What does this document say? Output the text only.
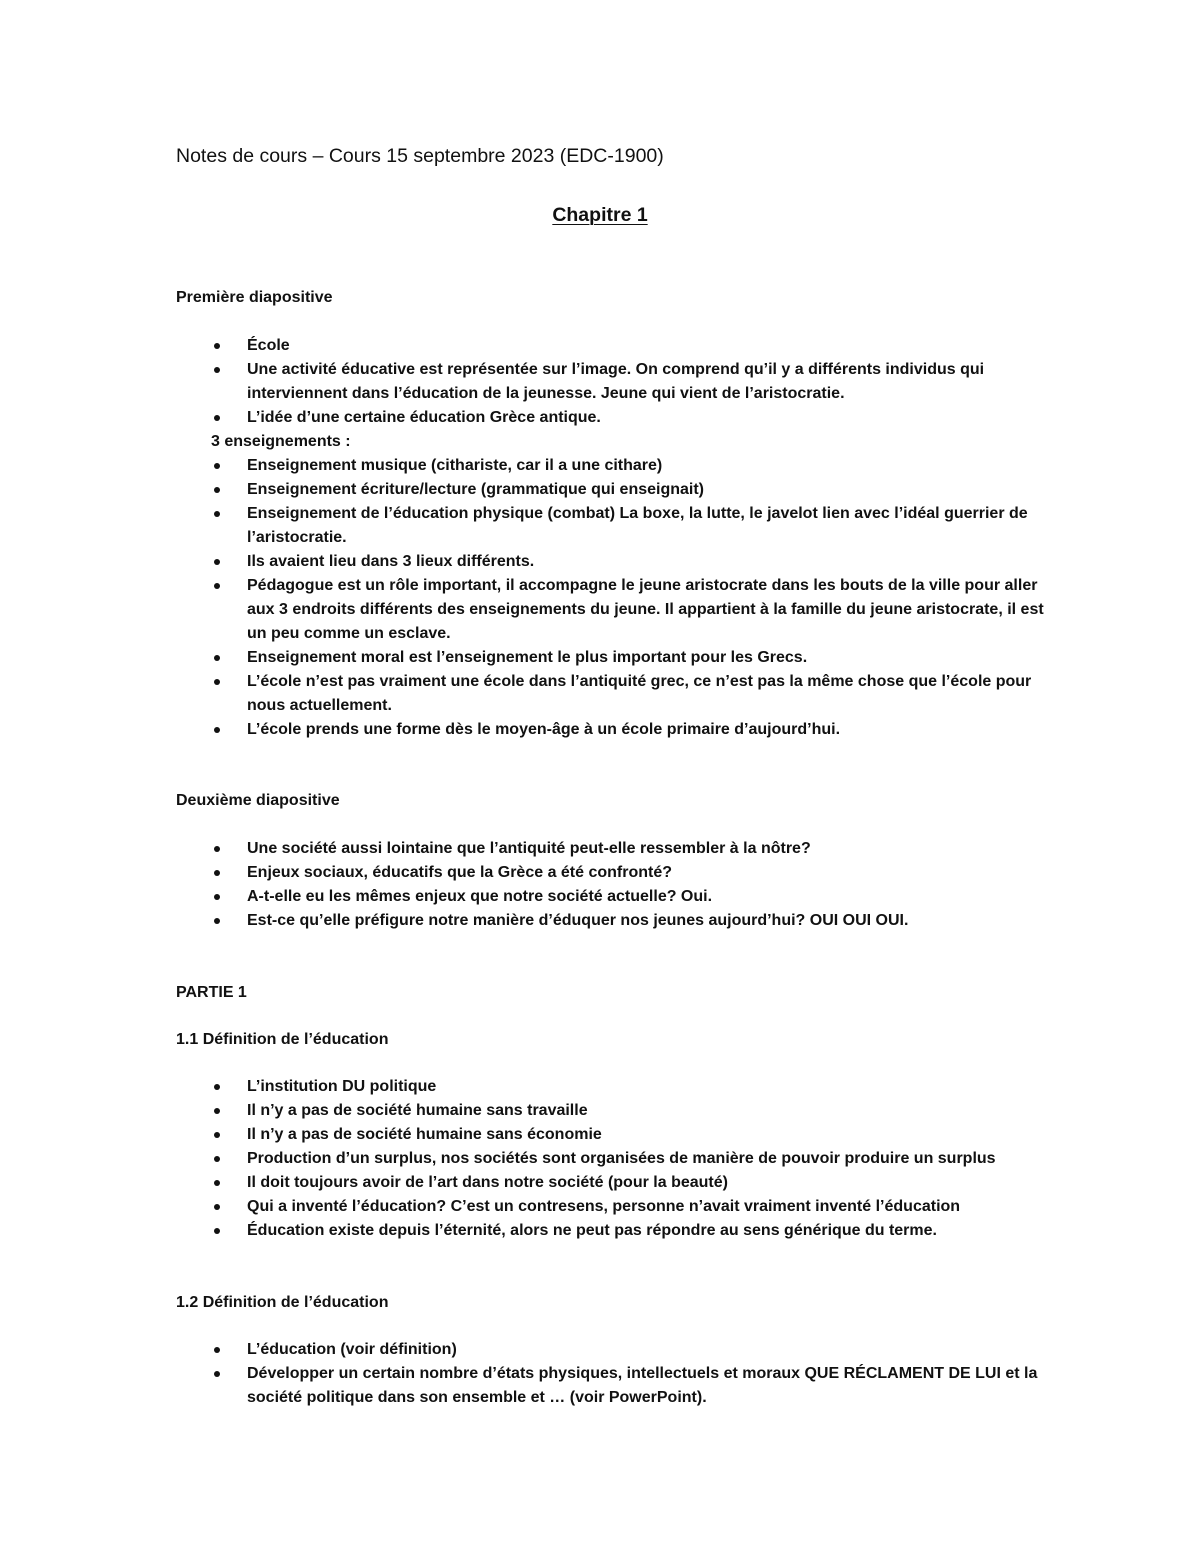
Notes de cours – Cours 15 septembre 2023 (EDC-1900)
Chapitre 1
Première diapositive
École
Une activité éducative est représentée sur l’image. On comprend qu’il y a différents individus qui interviennent dans l’éducation de la jeunesse. Jeune qui vient de l’aristocratie.
L’idée d’une certaine éducation Grèce antique.
3 enseignements :
Enseignement musique (cithariste, car il a une cithare)
Enseignement écriture/lecture (grammatique qui enseignait)
Enseignement de l’éducation physique (combat) La boxe, la lutte, le javelot lien avec l’idéal guerrier de l’aristocratie.
Ils avaient lieu dans 3 lieux différents.
Pédagogue est un rôle important, il accompagne le jeune aristocrate dans les bouts de la ville pour aller aux 3 endroits différents des enseignements du jeune. Il appartient à la famille du jeune aristocrate, il est un peu comme un esclave.
Enseignement moral est l’enseignement le plus important pour les Grecs.
L’école n’est pas vraiment une école dans l’antiquité grec, ce n’est pas la même chose que l’école pour nous actuellement.
L’école prends une forme dès le moyen-âge à un école primaire d’aujourd’hui.
Deuxième diapositive
Une société aussi lointaine que l’antiquité peut-elle ressembler à la nôtre?
Enjeux sociaux, éducatifs que la Grèce a été confronté?
A-t-elle eu les mêmes enjeux que notre société actuelle? Oui.
Est-ce qu’elle préfigure notre manière d’éduquer nos jeunes aujourd’hui? OUI OUI OUI.
PARTIE 1
1.1 Définition de l’éducation
L’institution DU politique
Il n’y a pas de société humaine sans travaille
Il n’y a pas de société humaine sans économie
Production d’un surplus, nos sociétés sont organisées de manière de pouvoir produire un surplus
Il doit toujours avoir de l’art dans notre société (pour la beauté)
Qui a inventé l’éducation? C’est un contresens, personne n’avait vraiment inventé l’éducation
Éducation existe depuis l’éternité, alors ne peut pas répondre au sens générique du terme.
1.2 Définition de l’éducation
L’éducation (voir définition)
Développer un certain nombre d’états physiques, intellectuels et moraux QUE RÉCLAMENT DE LUI et la société politique dans son ensemble et … (voir PowerPoint).
